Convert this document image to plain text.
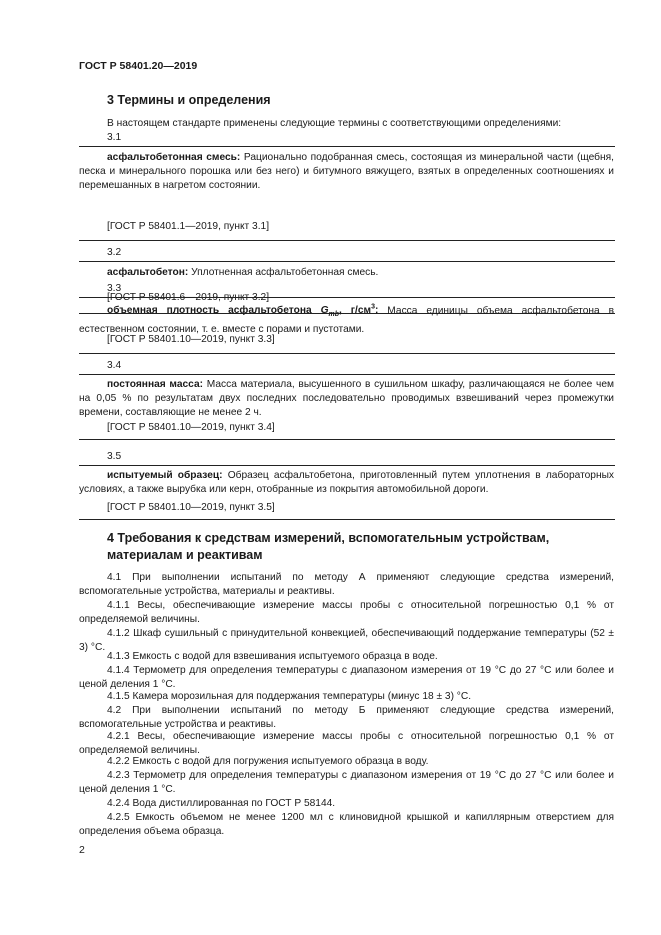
ГОСТ Р 58401.20—2019
3 Термины и определения
В настоящем стандарте применены следующие термины с соответствующими определениями:
3.1
асфальтобетонная смесь: Рационально подобранная смесь, состоящая из минеральной части (щебня, песка и минерального порошка или без него) и битумного вяжущего, взятых в определенных соотношениях и перемешанных в нагретом состоянии.
[ГОСТ Р 58401.1—2019, пункт 3.1]
3.2
асфальтобетон: Уплотненная асфальтобетонная смесь.
[ГОСТ Р 58401.6—2019, пункт 3.2]
3.3
объемная плотность асфальтобетона $G_{mb}$, $г/см^3$: Масса единицы объема асфальтобетона в естественном состоянии, т. е. вместе с порами и пустотами.
[ГОСТ Р 58401.10—2019, пункт 3.3]
3.4
постоянная масса: Масса материала, высушенного в сушильном шкафу, различающаяся не более чем на 0,05 % по результатам двух последних последовательно проводимых взвешиваний через промежутки времени, составляющие не менее 2 ч.
[ГОСТ Р 58401.10—2019, пункт 3.4]
3.5
испытуемый образец: Образец асфальтобетона, приготовленный путем уплотнения в лабораторных условиях, а также вырубка или керн, отобранные из покрытия автомобильной дороги.
[ГОСТ Р 58401.10—2019, пункт 3.5]
4 Требования к средствам измерений, вспомогательным устройствам,
материалам и реактивам
4.1 При выполнении испытаний по методу А применяют следующие средства измерений, вспомогательные устройства, материалы и реактивы.
4.1.1 Весы, обеспечивающие измерение массы пробы с относительной погрешностью 0,1 % от определяемой величины.
4.1.2 Шкаф сушильный с принудительной конвекцией, обеспечивающий поддержание температуры (52 ± 3) °С.
4.1.3 Емкость с водой для взвешивания испытуемого образца в воде.
4.1.4 Термометр для определения температуры с диапазоном измерения от 19 °С до 27 °С или более и ценой деления 1 °С.
4.1.5 Камера морозильная для поддержания температуры (минус 18 ± 3) °С.
4.2 При выполнении испытаний по методу Б применяют следующие средства измерений, вспомогательные устройства и реактивы.
4.2.1 Весы, обеспечивающие измерение массы пробы с относительной погрешностью 0,1 % от определяемой величины.
4.2.2 Емкость с водой для погружения испытуемого образца в воду.
4.2.3 Термометр для определения температуры с диапазоном измерения от 19 °С до 27 °С или более и ценой деления 1 °С.
4.2.4 Вода дистиллированная по ГОСТ Р 58144.
4.2.5 Емкость объемом не менее 1200 мл с клиновидной крышкой и капиллярным отверстием для определения объема образца.
2
